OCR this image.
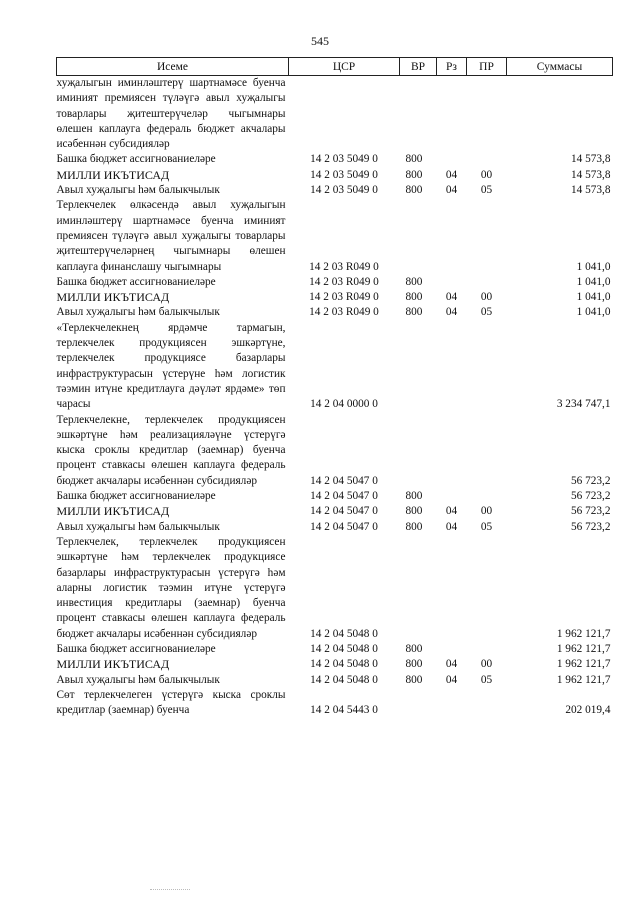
545
Исеме	ЦСР	ВР	Рз	ПР	Суммасы
хуҗалыгын иминләштерү шартнамәсе буенча иминият премиясен түләүгә авыл хуҗалыгы товарлары җитештерүчеләр чыгымнары өлешен каплауга федераль бюджет акчалары исәбеннән субсидияләр					
Башка бюджет ассигнованиеләре	14 2 03 5049 0	800			14 573,8
МИЛЛИ ИКЪТИСАД	14 2 03 5049 0	800	04	00	14 573,8
Авыл хуҗалыгы һәм балыкчылык	14 2 03 5049 0	800	04	05	14 573,8
Терлекчелек өлкәсендә авыл хуҗалыгын иминләштерү шартнамәсе буенча иминият премиясен түләүгә авыл хуҗалыгы товарлары җитештерүчеләрнең чыгымнары өлешен каплауга финанслашу чыгымнары	14 2 03 R049 0				1 041,0
Башка бюджет ассигнованиеләре	14 2 03 R049 0	800			1 041,0
МИЛЛИ ИКЪТИСАД	14 2 03 R049 0	800	04	00	1 041,0
Авыл хуҗалыгы һәм балыкчылык	14 2 03 R049 0	800	04	05	1 041,0
«Терлекчелекнең ярдәмче тармагын, терлекчелек продукциясен эшкәртүне, терлекчелек продукциясе базарлары инфраструктурасын үстерүне һәм логистик тәэмин итүне кредитлауга дәүләт ярдәме» төп чарасы	14 2 04 0000 0				3 234 747,1
Терлекчелекне, терлекчелек продукциясен эшкәртүне һәм реализацияләүне үстерүгә кыска сроклы кредитлар (заемнар) буенча процент ставкасы өлешен каплауга федераль бюджет акчалары исәбеннән субсидияләр	14 2 04 5047 0				56 723,2
Башка бюджет ассигнованиеләре	14 2 04 5047 0	800			56 723,2
МИЛЛИ ИКЪТИСАД	14 2 04 5047 0	800	04	00	56 723,2
Авыл хуҗалыгы һәм балыкчылык	14 2 04 5047 0	800	04	05	56 723,2
Терлекчелек, терлекчелек продукциясен эшкәртүне һәм терлекчелек продукциясе базарлары инфраструктурасын үстерүгә һәм аларны логистик тәэмин итүне үстерүгә инвестиция кредитлары (заемнар) буенча процент ставкасы өлешен каплауга федераль бюджет акчалары исәбеннән субсидияләр	14 2 04 5048 0				1 962 121,7
Башка бюджет ассигнованиеләре	14 2 04 5048 0	800			1 962 121,7
МИЛЛИ ИКЪТИСАД	14 2 04 5048 0	800	04	00	1 962 121,7
Авыл хуҗалыгы һәм балыкчылык	14 2 04 5048 0	800	04	05	1 962 121,7
Сөт терлекчелеген үстерүгә кыска сроклы кредитлар (заемнар) буенча	14 2 04 5443 0				202 019,4
